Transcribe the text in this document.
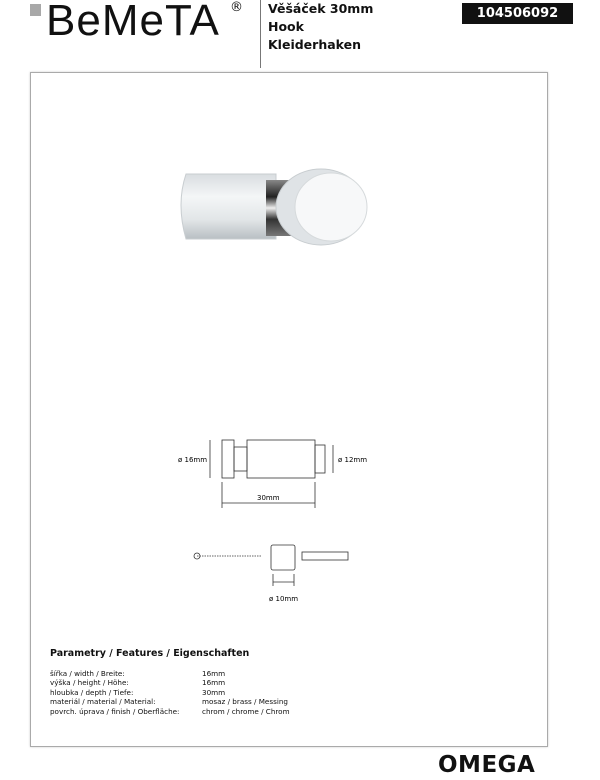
BeMeTA ® Věšáček 30mm
Hook
Kleiderhaken
104506092
ø 16mm	ø 12mm
30mm
ø 10mm
Parametry / Features / Eigenschaften
šířka / width / Breite:	16mm
výška / height / Höhe:	16mm
hloubka / depth / Tiefe:	30mm
materiál / material / Material:	mosaz / brass / Messing
povrch. úprava / finish / Oberfläche:	chrom / chrome / Chrom
OMEGA
